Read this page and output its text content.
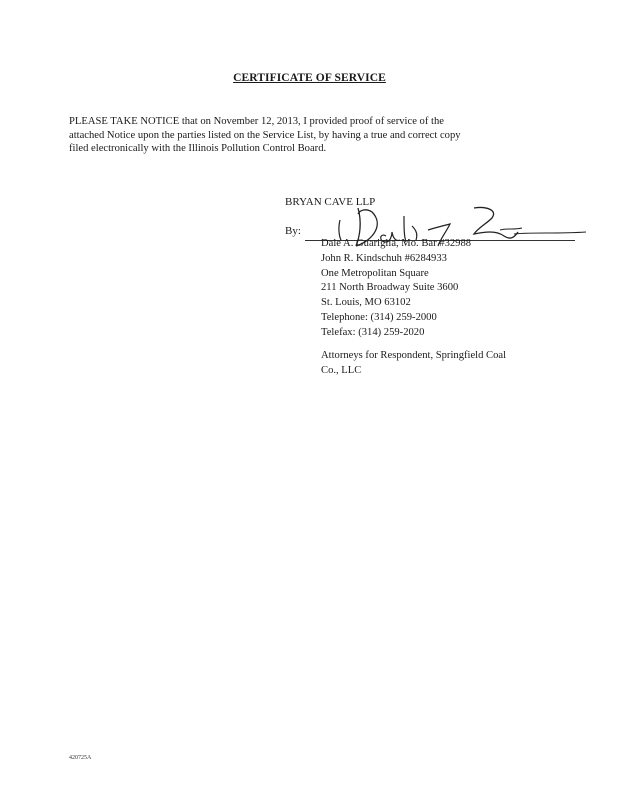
CERTIFICATE OF SERVICE
PLEASE TAKE NOTICE that on November 12, 2013, I provided proof of service of the
attached Notice upon the parties listed on the Service List, by having a true and correct copy
filed electronically with the Illinois Pollution Control Board.
BRYAN CAVE LLP
By:
Dale A. Guariglia, Mo. Bar #32988
John R. Kindschuh #6284933
One Metropolitan Square
211 North Broadway Suite 3600
St. Louis, MO 63102
Telephone: (314) 259-2000
Telefax: (314) 259-2020
Attorneys for Respondent, Springfield Coal
Co., LLC
420725A
